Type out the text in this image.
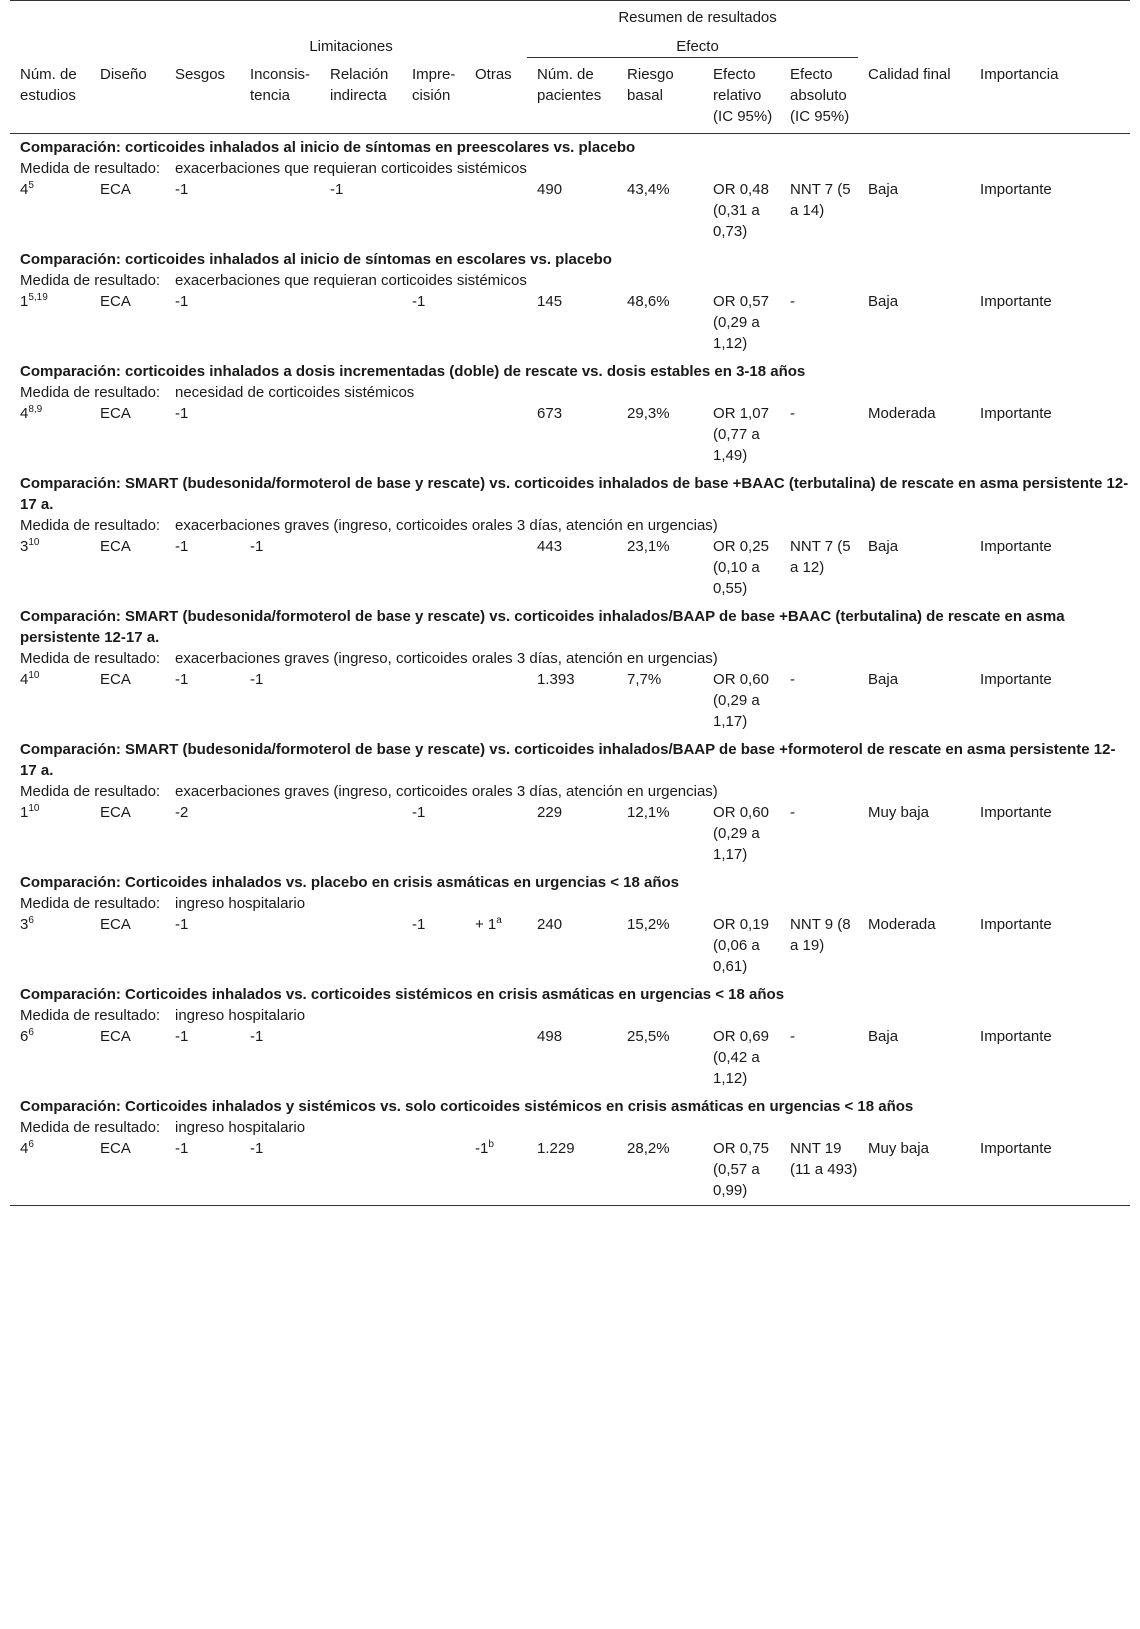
							Resumen de resultados					
		Limitaciones					Efecto					
Núm. de estudios	Diseño	Sesgos	Inconsis-tencia	Relación indirecta	Impre-cisión	Otras	Núm. de pacientes	Riesgo basal	Efecto relativo (IC 95%)	Efecto absoluto (IC 95%)	Calidad final	Importancia
Comparación: corticoides inhalados al inicio de síntomas en preescolares vs. placebo												
Medida de resultado:		exacerbaciones que requieran corticoides sistémicos										
$4^5$	ECA	-1		-1			490	43,4%	OR 0,48 (0,31 a 0,73)	NNT 7 (5 a 14)	Baja	Importante
Comparación: corticoides inhalados al inicio de síntomas en escolares vs. placebo												
Medida de resultado:		exacerbaciones que requieran corticoides sistémicos										
1$^{5,19}$	ECA	-1			-1		145	48,6%	OR 0,57 (0,29 a 1,12)	-	Baja	Importante
Comparación: corticoides inhalados a dosis incrementadas (doble) de rescate vs. dosis estables en 3-18 años												
Medida de resultado:		necesidad de corticoides sistémicos										
4$^{8,9}$	ECA	-1					673	29,3%	OR 1,07 (0,77 a 1,49)	-	Moderada	Importante
Comparación: SMART (budesonida/formoterol de base y rescate) vs. corticoides inhalados de base +BAAC (terbutalina) de rescate en asma persistente 12-17 a.												
Medida de resultado:		exacerbaciones graves (ingreso, corticoides orales 3 días, atención en urgencias)										
$3^{10}$	ECA	-1	-1				443	23,1%	OR 0,25 (0,10 a 0,55)	NNT 7 (5 a 12)	Baja	Importante
Comparación: SMART (budesonida/formoterol de base y rescate) vs. corticoides inhalados/BAAP de base +BAAC (terbutalina) de rescate en asma persistente 12-17 a.												
Medida de resultado:		exacerbaciones graves (ingreso, corticoides orales 3 días, atención en urgencias)										
$4^{10}$	ECA	-1	-1				1.393	7,7%	OR 0,60 (0,29 a 1,17)	-	Baja	Importante
Comparación: SMART (budesonida/formoterol de base y rescate) vs. corticoides inhalados/BAAP de base +formoterol de rescate en asma persistente 12-17 a.												
Medida de resultado:		exacerbaciones graves (ingreso, corticoides orales 3 días, atención en urgencias)										
$1^{10}$	ECA	-2			-1		229	12,1%	OR 0,60 (0,29 a 1,17)	-	Muy baja	Importante
Comparación: Corticoides inhalados vs. placebo en crisis asmáticas en urgencias < 18 años												
Medida de resultado:		ingreso hospitalario										
$3^6$	ECA	-1			-1	+ $1^a$	240	15,2%	OR 0,19 (0,06 a 0,61)	NNT 9 (8 a 19)	Moderada	Importante
Comparación: Corticoides inhalados vs. corticoides sistémicos en crisis asmáticas en urgencias < 18 años												
Medida de resultado:		ingreso hospitalario										
$6^6$	ECA	-1	-1				498	25,5%	OR 0,69 (0,42 a 1,12)	-	Baja	Importante
Comparación: Corticoides inhalados y sistémicos vs. solo corticoides sistémicos en crisis asmáticas en urgencias < 18 años												
Medida de resultado:		ingreso hospitalario										
$4^6$	ECA	-1	-1			-1$^b$	1.229	28,2%	OR 0,75 (0,57 a 0,99)	NNT 19 (11 a 493)	Muy baja	Importante
